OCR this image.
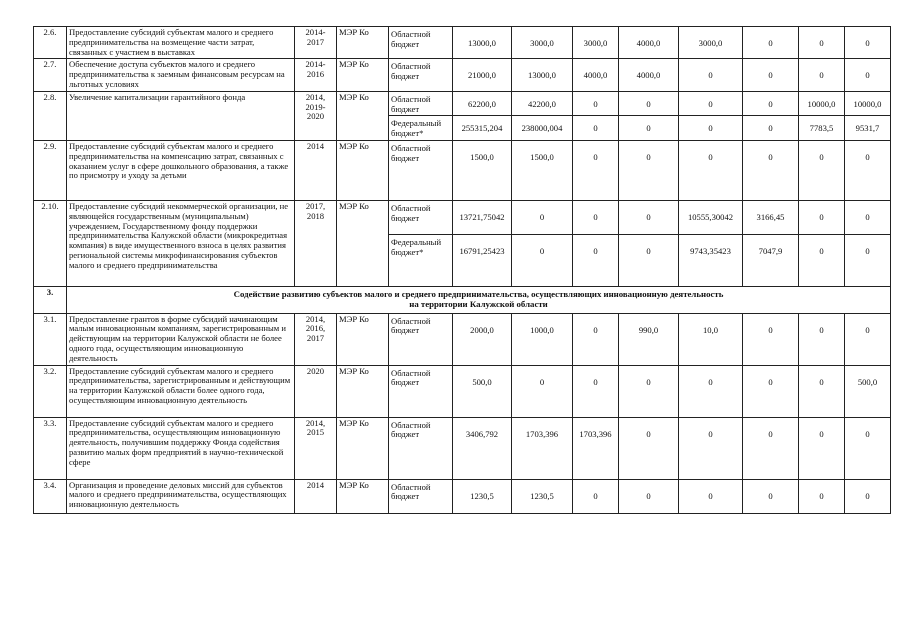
2.6.	Предоставление субсидий субъектам малого и среднего предпринимательства на возмещение части затрат, связанных с участием в выставках	2014-2017	МЭР Ко	Областной бюджет	13000,0	3000,0	3000,0	4000,0	3000,0	0	0	0
2.7.	Обеспечение доступа субъектов малого и среднего предпринимательства к заемным финансовым ресурсам на льготных условиях	2014-2016	МЭР Ко	Областной бюджет	21000,0	13000,0	4000,0	4000,0	0	0	0	0
2.8.	Увеличение капитализации гарантийного фонда	2014, 2019-2020	МЭР Ко	Областной бюджет	62200,0	42200,0	0	0	0	0	10000,0	10000,0
				Федеральный бюджет*	255315,204	238000,004	0	0	0	0	7783,5	9531,7
2.9.	Предоставление субсидий субъектам малого и среднего предпринимательства на компенсацию затрат, связанных с оказанием услуг в сфере дошкольного образования, а также по присмотру и уходу за детьми	2014	МЭР Ко	Областной бюджет	1500,0	1500,0	0	0	0	0	0	0
2.10.	Предоставление субсидий некоммерческой организации, не являющейся государственным (муниципальным) учреждением, Государственному фонду поддержки предпринимательства Калужской области (микрокредитная компания) в виде имущественного взноса в целях развития региональной системы микрофинансирования субъектов малого и среднего предпринимательства	2017, 2018	МЭР Ко	Областной бюджет	13721,75042	0	0	0	10555,30042	3166,45	0	0
				Федеральный бюджет*	16791,25423	0	0	0	9743,35423	7047,9	0	0
3.	Содействие развитию субъектов малого и среднего предпринимательства, осуществляющих инновационную деятельность
на территории Калужской области											

3.1.	Предоставление грантов в форме субсидий начинающим малым инновационным компаниям, зарегистрированным и действующим на территории Калужской области не более одного года, осуществляющим инновационную деятельность	2014, 2016, 2017	МЭР Ко	Областной бюджет	2000,0	1000,0	0	990,0	10,0	0	0	0
3.2.	Предоставление субсидий субъектам малого и среднего предпринимательства, зарегистрированным и действующим на территории Калужской области более одного года, осуществляющим инновационную деятельность	2020	МЭР Ко	Областной бюджет	500,0	0	0	0	0	0	0	500,0
3.3.	Предоставление субсидий субъектам малого и среднего предпринимательства, осуществляющим инновационную деятельность, получившим поддержку Фонда содействия развитию малых форм предприятий в научно-технической сфере	2014, 2015	МЭР Ко	Областной бюджет	3406,792	1703,396	1703,396	0	0	0	0	0
3.4.	Организация и проведение деловых миссий для субъектов малого и среднего предпринимательства, осуществляющих инновационную деятельность	2014	МЭР Ко	Областной бюджет	1230,5	1230,5	0	0	0	0	0	0
